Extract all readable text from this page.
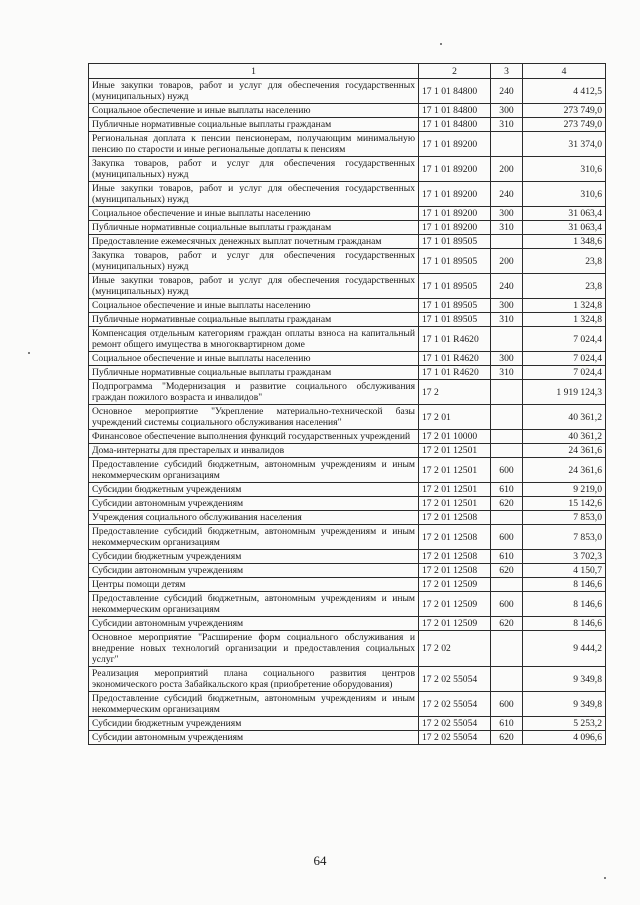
1	2	3	4
Иные закупки товаров, работ и услуг для обеспечения государственных (муниципальных) нужд	17 1 01 84800	240	4 412,5
Социальное обеспечение и иные выплаты населению	17 1 01 84800	300	273 749,0
Публичные нормативные социальные выплаты гражданам	17 1 01 84800	310	273 749,0
Региональная доплата к пенсии пенсионерам, получающим минимальную пенсию по старости и иные региональные доплаты к пенсиям	17 1 01 89200		31 374,0
Закупка товаров, работ и услуг для обеспечения государственных (муниципальных) нужд	17 1 01 89200	200	310,6
Иные закупки товаров, работ и услуг для обеспечения государственных (муниципальных) нужд	17 1 01 89200	240	310,6
Социальное обеспечение и иные выплаты населению	17 1 01 89200	300	31 063,4
Публичные нормативные социальные выплаты гражданам	17 1 01 89200	310	31 063,4
Предоставление ежемесячных денежных выплат почетным гражданам	17 1 01 89505		1 348,6
Закупка товаров, работ и услуг для обеспечения государственных (муниципальных) нужд	17 1 01 89505	200	23,8
Иные закупки товаров, работ и услуг для обеспечения государственных (муниципальных) нужд	17 1 01 89505	240	23,8
Социальное обеспечение и иные выплаты населению	17 1 01 89505	300	1 324,8
Публичные нормативные социальные выплаты гражданам	17 1 01 89505	310	1 324,8
Компенсация отдельным категориям граждан оплаты взноса на капитальный ремонт общего имущества в многоквартирном доме	17 1 01 R4620		7 024,4
Социальное обеспечение и иные выплаты населению	17 1 01 R4620	300	7 024,4
Публичные нормативные социальные выплаты гражданам	17 1 01 R4620	310	7 024,4
Подпрограмма "Модернизация и развитие социального обслуживания граждан пожилого возраста и инвалидов"	17 2		1 919 124,3
Основное мероприятие "Укрепление материально-технической базы учреждений системы социального обслуживания населения"	17 2 01		40 361,2
Финансовое обеспечение выполнения функций государственных учреждений	17 2 01 10000		40 361,2
Дома-интернаты для престарелых и инвалидов	17 2 01 12501		24 361,6
Предоставление субсидий бюджетным, автономным учреждениям и иным некоммерческим организациям	17 2 01 12501	600	24 361,6
Субсидии бюджетным учреждениям	17 2 01 12501	610	9 219,0
Субсидии автономным учреждениям	17 2 01 12501	620	15 142,6
Учреждения социального обслуживания населения	17 2 01 12508		7 853,0
Предоставление субсидий бюджетным, автономным учреждениям и иным некоммерческим организациям	17 2 01 12508	600	7 853,0
Субсидии бюджетным учреждениям	17 2 01 12508	610	3 702,3
Субсидии автономным учреждениям	17 2 01 12508	620	4 150,7
Центры помощи детям	17 2 01 12509		8 146,6
Предоставление субсидий бюджетным, автономным учреждениям и иным некоммерческим организациям	17 2 01 12509	600	8 146,6
Субсидии автономным учреждениям	17 2 01 12509	620	8 146,6
Основное мероприятие "Расширение форм социального обслуживания и внедрение новых технологий организации и предоставления социальных услуг"	17 2 02		9 444,2
Реализация мероприятий плана социального развития центров экономического роста Забайкальского края (приобретение оборудования)	17 2 02 55054		9 349,8
Предоставление субсидий бюджетным, автономным учреждениям и иным некоммерческим организациям	17 2 02 55054	600	9 349,8
Субсидии бюджетным учреждениям	17 2 02 55054	610	5 253,2
Субсидии автономным учреждениям	17 2 02 55054	620	4 096,6
64
